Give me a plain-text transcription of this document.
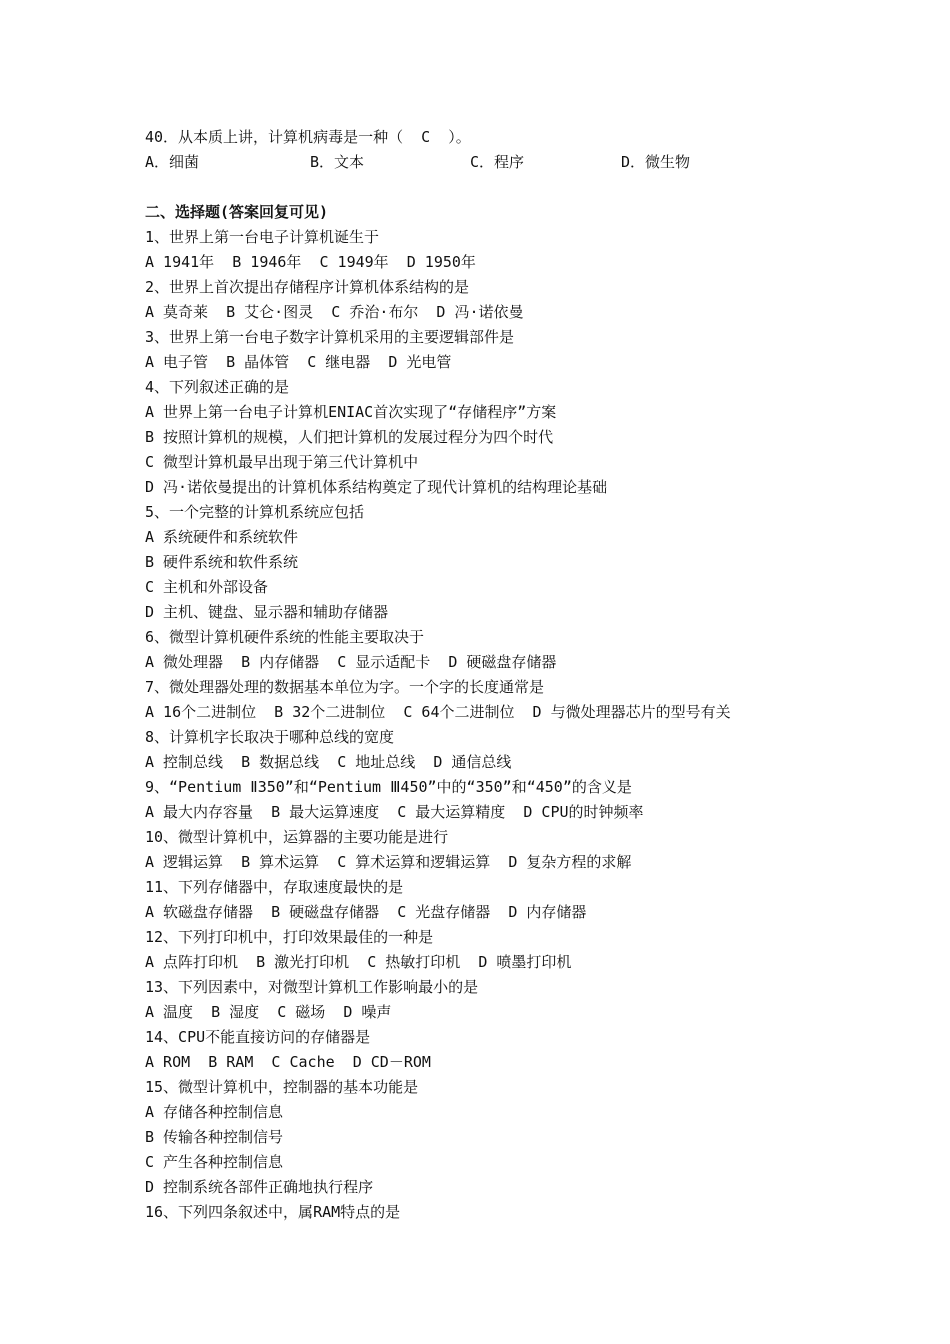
40．从本质上讲，计算机病毒是一种（  C  ）。
A．细菌	B．文本	C．程序	D．微生物
二、选择题(答案回复可见)
1、世界上第一台电子计算机诞生于
A 1941年  B 1946年  C 1949年  D 1950年
2、世界上首次提出存储程序计算机体系结构的是
A 莫奇莱  B 艾仑·图灵  C 乔治·布尔  D 冯·诺依曼
3、世界上第一台电子数字计算机采用的主要逻辑部件是
A 电子管  B 晶体管  C 继电器  D 光电管
4、下列叙述正确的是
A 世界上第一台电子计算机ENIAC首次实现了“存储程序”方案
B 按照计算机的规模，人们把计算机的发展过程分为四个时代
C 微型计算机最早出现于第三代计算机中
D 冯·诺依曼提出的计算机体系结构奠定了现代计算机的结构理论基础
5、一个完整的计算机系统应包括
A 系统硬件和系统软件
B 硬件系统和软件系统
C 主机和外部设备
D 主机、键盘、显示器和辅助存储器
6、微型计算机硬件系统的性能主要取决于
A 微处理器  B 内存储器  C 显示适配卡  D 硬磁盘存储器
7、微处理器处理的数据基本单位为字。一个字的长度通常是
A 16个二进制位  B 32个二进制位  C 64个二进制位  D 与微处理器芯片的型号有关
8、计算机字长取决于哪种总线的宽度
A 控制总线  B 数据总线  C 地址总线  D 通信总线
9、“Pentium Ⅱ350”和“Pentium Ⅲ450”中的“350”和“450”的含义是
A 最大内存容量  B 最大运算速度  C 最大运算精度  D CPU的时钟频率
10、微型计算机中，运算器的主要功能是进行
A 逻辑运算  B 算术运算  C 算术运算和逻辑运算  D 复杂方程的求解
11、下列存储器中，存取速度最快的是
A 软磁盘存储器  B 硬磁盘存储器  C 光盘存储器  D 内存储器
12、下列打印机中，打印效果最佳的一种是
A 点阵打印机  B 激光打印机  C 热敏打印机  D 喷墨打印机
13、下列因素中，对微型计算机工作影响最小的是
A 温度  B 湿度  C 磁场  D 噪声
14、CPU不能直接访问的存储器是
A ROM  B RAM  C Cache  D CD－ROM
15、微型计算机中，控制器的基本功能是
A 存储各种控制信息
B 传输各种控制信号
C 产生各种控制信息
D 控制系统各部件正确地执行程序
16、下列四条叙述中，属RAM特点的是
